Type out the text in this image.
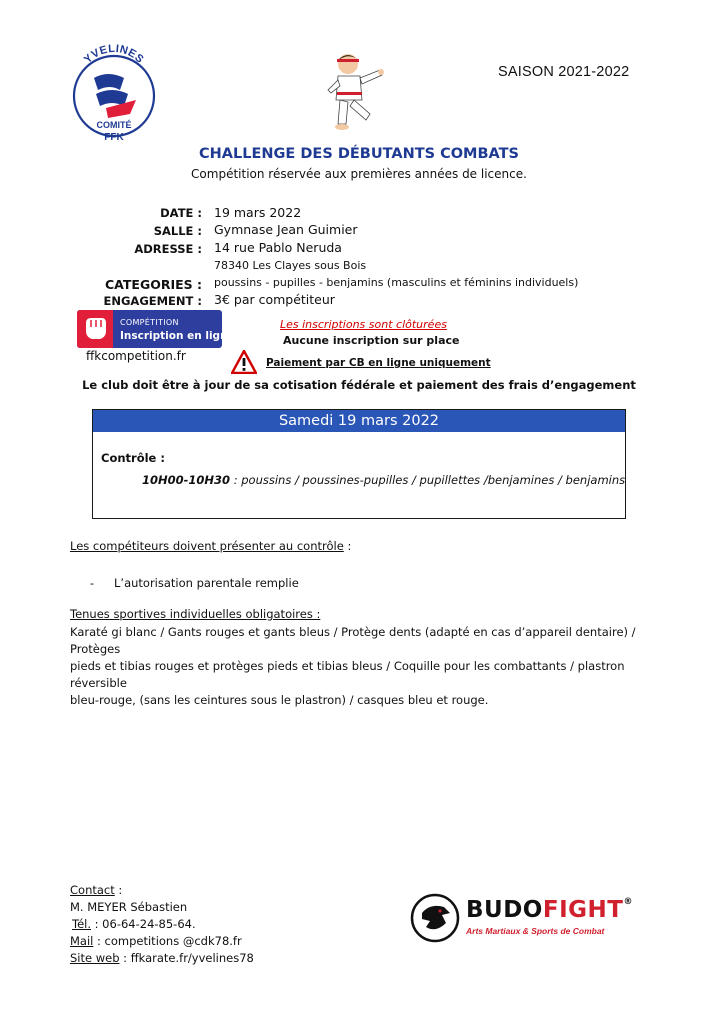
YVELINES
COMITÉ
FFK
SAISON 2021-2022
CHALLENGE DES DÉBUTANTS COMBATS
Compétition réservée aux premières années de licence.
DATE : 19 mars 2022
SALLE : Gymnase Jean Guimier
ADRESSE : 14 rue Pablo Neruda
78340 Les Clayes sous Bois
CATEGORIES : poussins - pupilles - benjamins (masculins et féminins individuels)
ENGAGEMENT : 3€ par compétiteur
COMPÉTITION
Inscription en ligne
ffkcompetition.fr
Les inscriptions sont clôturées
Aucune inscription sur place
Paiement par CB en ligne uniquement
Le club doit être à jour de sa cotisation fédérale et paiement des frais d’engagement
Samedi 19 mars 2022
Contrôle :
10H00-10H30 : poussins / poussines-pupilles / pupillettes /benjamines / benjamins
Les compétiteurs doivent présenter au contrôle :
- L’autorisation parentale remplie
Tenues sportives individuelles obligatoires :
Karaté gi blanc / Gants rouges et gants bleus / Protège dents (adapté en cas d’appareil dentaire) / Protèges
pieds et tibias rouges et protèges pieds et tibias bleus / Coquille pour les combattants / plastron réversible
bleu-rouge, (sans les ceintures sous le plastron) / casques bleu et rouge.
Contact :
M. MEYER Sébastien
Tél. : 06-64-24-85-64.
Mail : competitions @cdk78.fr
Site web : ffkarate.fr/yvelines78
BUDOFIGHT®
Arts Martiaux & Sports de Combat
